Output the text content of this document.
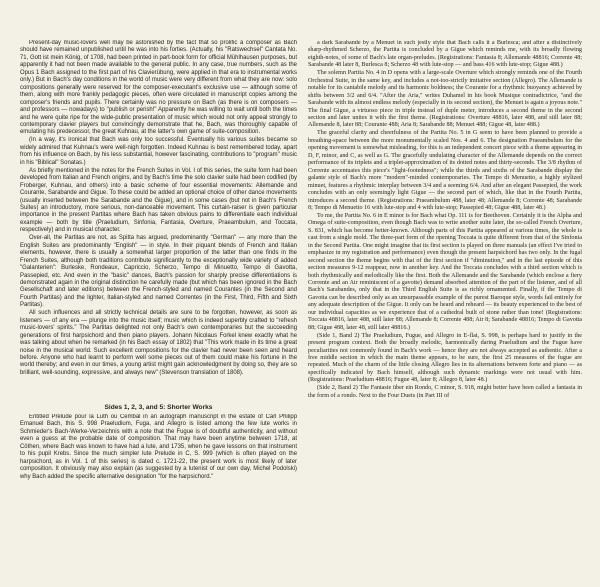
Present-day music-lovers well may be astonished by the fact that so prolific a composer as Bach should have remained unpublished until he was into his forties. (Actually, his "Ratswechsel" Cantata No. 71, Gott ist mein König, of 1708, had been printed in part-book form for official Mühlhausen purposes, but apparently it had not been made available to the general public. In any case, true numbers, such as the Opus 1 Bach assigned to the first part of his Clavierübung, were applied in that era to instrumental works only.) But in Bach's day conditions in the world of music were very different from what they are now: solo compositions generally were reserved for the composer-executant's exclusive use — although some of them, along with more frankly pedagogic pieces, often were circulated in manuscript copies among the composer's friends and pupils. There certainly was no pressure on Bach (as there is on composers — and professors — nowadays) to "publish or perish!" Apparently he was willing to wait until both the times and he were quite ripe for the wide-public presentation of music which would not only appeal strongly to contemporary clavier players but convincingly demonstrate that he, Bach, was thoroughly capable of emulating his predecessor, the great Kuhnau, at the latter's own game of suite-composition.

(In a way, it's ironical that Bach was only too successful. Eventually his various suites became so widely admired that Kuhnau's were well-nigh forgotten. Indeed Kuhnau is best remembered today, apart from his influence on Bach, by his less substantial, however fascinating, contributions to "program" music in his "Biblical" Sonatas.)

As briefly mentioned in the notes for the French Suites in Vol. I of this series, the suite form had been developed from Italian and French origins, and by Bach's time the solo clavier suite had been codified (by Froberger, Kuhnau, and others) into a basic scheme of four essential movements: Allemande and Courante, Sarabande and Gigue. To these could be added an optional choice of other dance movements (usually inserted between the Sarabande and the Gigue), and in some cases (but not in Bach's French Suites) an introductory, more serious, non-danceable movement. This curtain-raiser is given particular importance in the present Partitas where Bach has taken obvious pains to differentiate each individual example — both by title (Praeludium, Sinfonia, Fantasia, Overture, Praeambulum, and Toccata, respectively) and in musical character.

Over-all, the Partitas are not, as Spitta has argued, predominantly "German" — any more than the English Suites are predominantly "English" — in style. In their piquant blends of French and Italian elements, however, there is usually a somewhat larger proportion of the latter than one finds in the French Suites, although both traditions contribute significantly to the exceptionally wide variety of added "Galanterien": Burleske, Rondeaux, Capriccio, Scherzo, Tempo di Minuetto, Tempo di Gavotta, Passepied, etc. And even in the "basic" dances, Bach's passion for sharply precise differentiations is demonstrated again in the original distinction he carefully made (but which has been ignored in the Bach Gesellschaft and later editions) between the French-styled and named Courantes (in the Second and Fourth Partitas) and the lighter, Italian-styled and named Correntes (in the First, Third, Fifth and Sixth Partitas).

All such influences and all strictly technical details are sure to be forgotten, however, as soon as listeners — of any era — plunge into the music itself; music which is indeed superbly crafted to "refresh music-lovers' spirits." The Partitas delighted not only Bach's own contemporaries but the succeeding generations of first harpsichord and then piano players. Johann Nicolaus Forkel knew exactly what he was talking about when he remarked (in his Bach essay of 1802) that "This work made in its time a great noise in the musical world. Such excellent compositions for the clavier had never been seen and heard before. Anyone who had learnt to perform well some pieces out of them could make his fortune in the world thereby; and even in our times, a young artist might gain acknowledgment by doing so, they are so brilliant, well-sounding, expressive, and always new" (Stevenson translation of 1808).

Sides 1, 2, 3, and 5: Shorter Works

Entitled Prélude pour la Luth ou Cembal in an autograph manuscript in the estate of Carl Philipp Emanuel Bach, this S. 998 Praeludium, Fuga, and Allegro is listed among the few lute works in Schmieder's Bach-Werke-Verzeichnis with a note that the Fugue is of doubtful authenticity, and without even a guess at the probable date of composition. That may have been anytime between 1718, at Cöthen, where Bach was known to have had a lute, and 1735, when he gave lessons on that instrument to his pupil Krebs. Since the much simpler lute Prelude in C, S. 999 (which is often played on the harpsichord, as in Vol. 1 of this series) is dated c. 1721-22, the present work is most likely of later composition. It obviously may also explain (as suggested by a lutenist of our own day, Michel Podolski) why Bach added the specific alternative designation "for the harpsichord."

a dark Sarabande by a Menuet in such jestly style that Bach calls it a Burlesca; and after a distinctively sharp-rhythmed Scherzo, the Partita is concluded by a Gigue which reminds me, with its broadly flowing eighth-notes, of some of Bach's late organ-preludes. (Registrations: Fantasia 8; Allemande 48816; Corrente 48; Sarabande 48 later 8, Burlesca 8; Scherzo 48 with lute-stop — and bass 416 with lute-stop; Gigue 488.)

The solemn Partita No. 4 in D opens with a large-scale Overture which strongly reminds one of the Fourth Orchestral Suite, in the same key, and includes a not-too-strictly imitative section (Allegro). The Allemande is notable for its cantabile melody and its harmonic boldness; the Courante for a rhythmic buoyancy achieved by shifts between 3/2 and 6/4. "After the Aria," writes Duhamel in his book Musique contradictrice, "and the Sarabande with its almost endless melody (especially in its second section), the Menuet is again a joyous note." The final Gigue, a virtuoso piece in triple instead of duple meter, introduces a second theme in the second section and later unites it with the first theme. (Registrations: Overture 48816, later 488, and still later 88; Allemande 8, later 88; Courante 488; Aria 8; Sarabande 88; Menuet 488; Gigue 48, later 488.)

The graceful clarity and cheerfulness of the Partita No. 5 in G seem to have been planned to provide a breathing-space between the more monumentally scaled Nos. 4 and 6. The designation Praeambulum for the opening movement is somewhat misleading, for this is an independent concert piece with a theme appearing in D, F, minor, and C, as well as G. The gracefully undulating character of the Allemande depends on the correct performance of its triplets and a triplet-approximation of its dotted notes and thirty-seconds. The 3/8 rhythm of Corrente accentuates this piece's "light-footedness"; while the thirds and sixths of the Sarabande display the galante style of Bach's more "modern"-minded contemporaries. The Tempo di Menuetto, a highly stylized minuet, features a rhythmic interplay between 3/4 and a seeming 6/4. And after an elegant Passepied, the work concludes with an only seemingly light Gigue — the second part of which, like that in the Fourth Partita, introduces a second theme. (Registrations: Praeambulum 488, later 48; Allemande 8; Corrente 48; Sarabande 8; Tempo di Menuetto 16 with lute-stop and 4 with lute-stop; Passepied 48; Gigue 488, later 48.)

To me, the Partita No. 6 in E minor is for Bach what Op. 111 is for Beethoven. Certainly it is the Alpha and Omega of suite-composition, even though Bach was to write another suite later, the so-called French Overture, S. 831, which has become better-known. Although parts of this Partita appeared at various times, the whole is cast from a single mold. The three-part form of the opening Toccata is quite different from that of the Sinfonia in the Second Partita. One might imagine that its first section is played on three manuals (an effect I've tried to emphasize in my registration and performance) even though the present harpsichord has two only. In the fugal second section the theme begins with that of the first section if "diminution," and in the last episode of this section measures 9-12 reappear, now in another key. And the Toccata concludes with a third section which is both rhythmically and melodically like the first. Both the Allemande and the Sarabande (which enclose a fiery Corrente and an Air reminiscent of a gavotte) demand absorbed attention of the part of the listener, and of all Bach's Sarabandes, only that in the Third English Suite is as richly ornamented. Finally, if the Tempo di Gavotta can be described only as an unsurpassable example of the purest Baroque style, words fail entirely for any adequate description of the Gigue. It only can be heard and reheard — its beauty experienced to the best of our individual capacities as we experience that of a cathedral built of stone rather than tone! (Registrations: Toccata 48816, later 488, still later 88; Allemande 8; Corrente 488; Air 8; Sarabande 48816; Tempo di Gavotta 88; Gigue 488, later 48, still later 48816.)

(Side 1, Band 2) The Praeludium, Fugue, and Allegro in E-flat, S. 998, is perhaps hard to justify in the present program context. Both the broadly melodic, harmonically daring Praeludium and the Fugue have peculiarities not commonly found in Bach's work — hence they are not always accepted as authentic. After a free middle section in which the main theme appears, to be sure, the first 25 measures of the fugue are repeated. Much of the charm of the little closing Allegro lies in its alternations between forte and piano — as specifically indicated by Bach himself, although such dynamic markings were not usual with him. (Registrations: Praeludium 48816; Fugue 48, later 8; Allegro 8, later 48.)

(Side 2, Band 2) The Fantasie über ein Rondo, C minor, S. 918, might better have been called a fantasia in the form of a rondo. Next to the Four Duets (in Part III of
